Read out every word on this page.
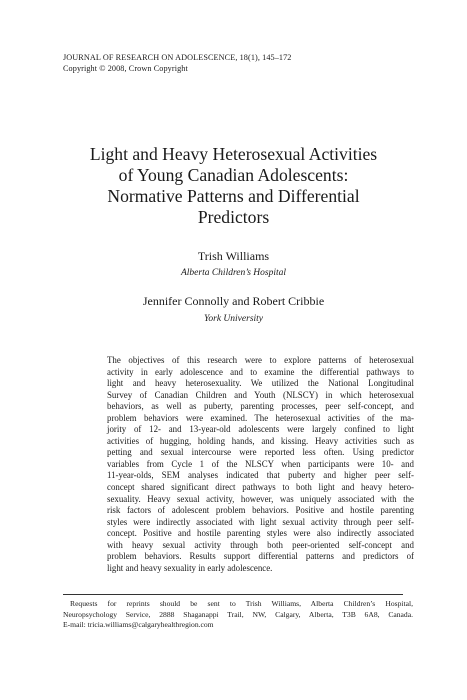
JOURNAL OF RESEARCH ON ADOLESCENCE, 18(1), 145–172
Copyright © 2008, Crown Copyright
Light and Heavy Heterosexual Activities
of Young Canadian Adolescents:
Normative Patterns and Differential
Predictors
Trish Williams
Alberta Children’s Hospital
Jennifer Connolly and Robert Cribbie
York University
The objectives of this research were to explore patterns of heterosexual
activity in early adolescence and to examine the differential pathways to
light and heavy heterosexuality. We utilized the National Longitudinal
Survey of Canadian Children and Youth (NLSCY) in which heterosexual
behaviors, as well as puberty, parenting processes, peer self-concept, and
problem behaviors were examined. The heterosexual activities of the ma-
jority of 12- and 13-year-old adolescents were largely confined to light
activities of hugging, holding hands, and kissing. Heavy activities such as
petting and sexual intercourse were reported less often. Using predictor
variables from Cycle 1 of the NLSCY when participants were 10- and
11-year-olds, SEM analyses indicated that puberty and higher peer self-
concept shared significant direct pathways to both light and heavy hetero-
sexuality. Heavy sexual activity, however, was uniquely associated with the
risk factors of adolescent problem behaviors. Positive and hostile parenting
styles were indirectly associated with light sexual activity through peer self-
concept. Positive and hostile parenting styles were also indirectly associated
with heavy sexual activity through both peer-oriented self-concept and
problem behaviors. Results support differential patterns and predictors of
light and heavy sexuality in early adolescence.
Requests for reprints should be sent to Trish Williams, Alberta Children’s Hospital,
Neuropsychology Service, 2888 Shaganappi Trail, NW, Calgary, Alberta, T3B 6A8, Canada.
E-mail: tricia.williams@calgaryhealthregion.com
